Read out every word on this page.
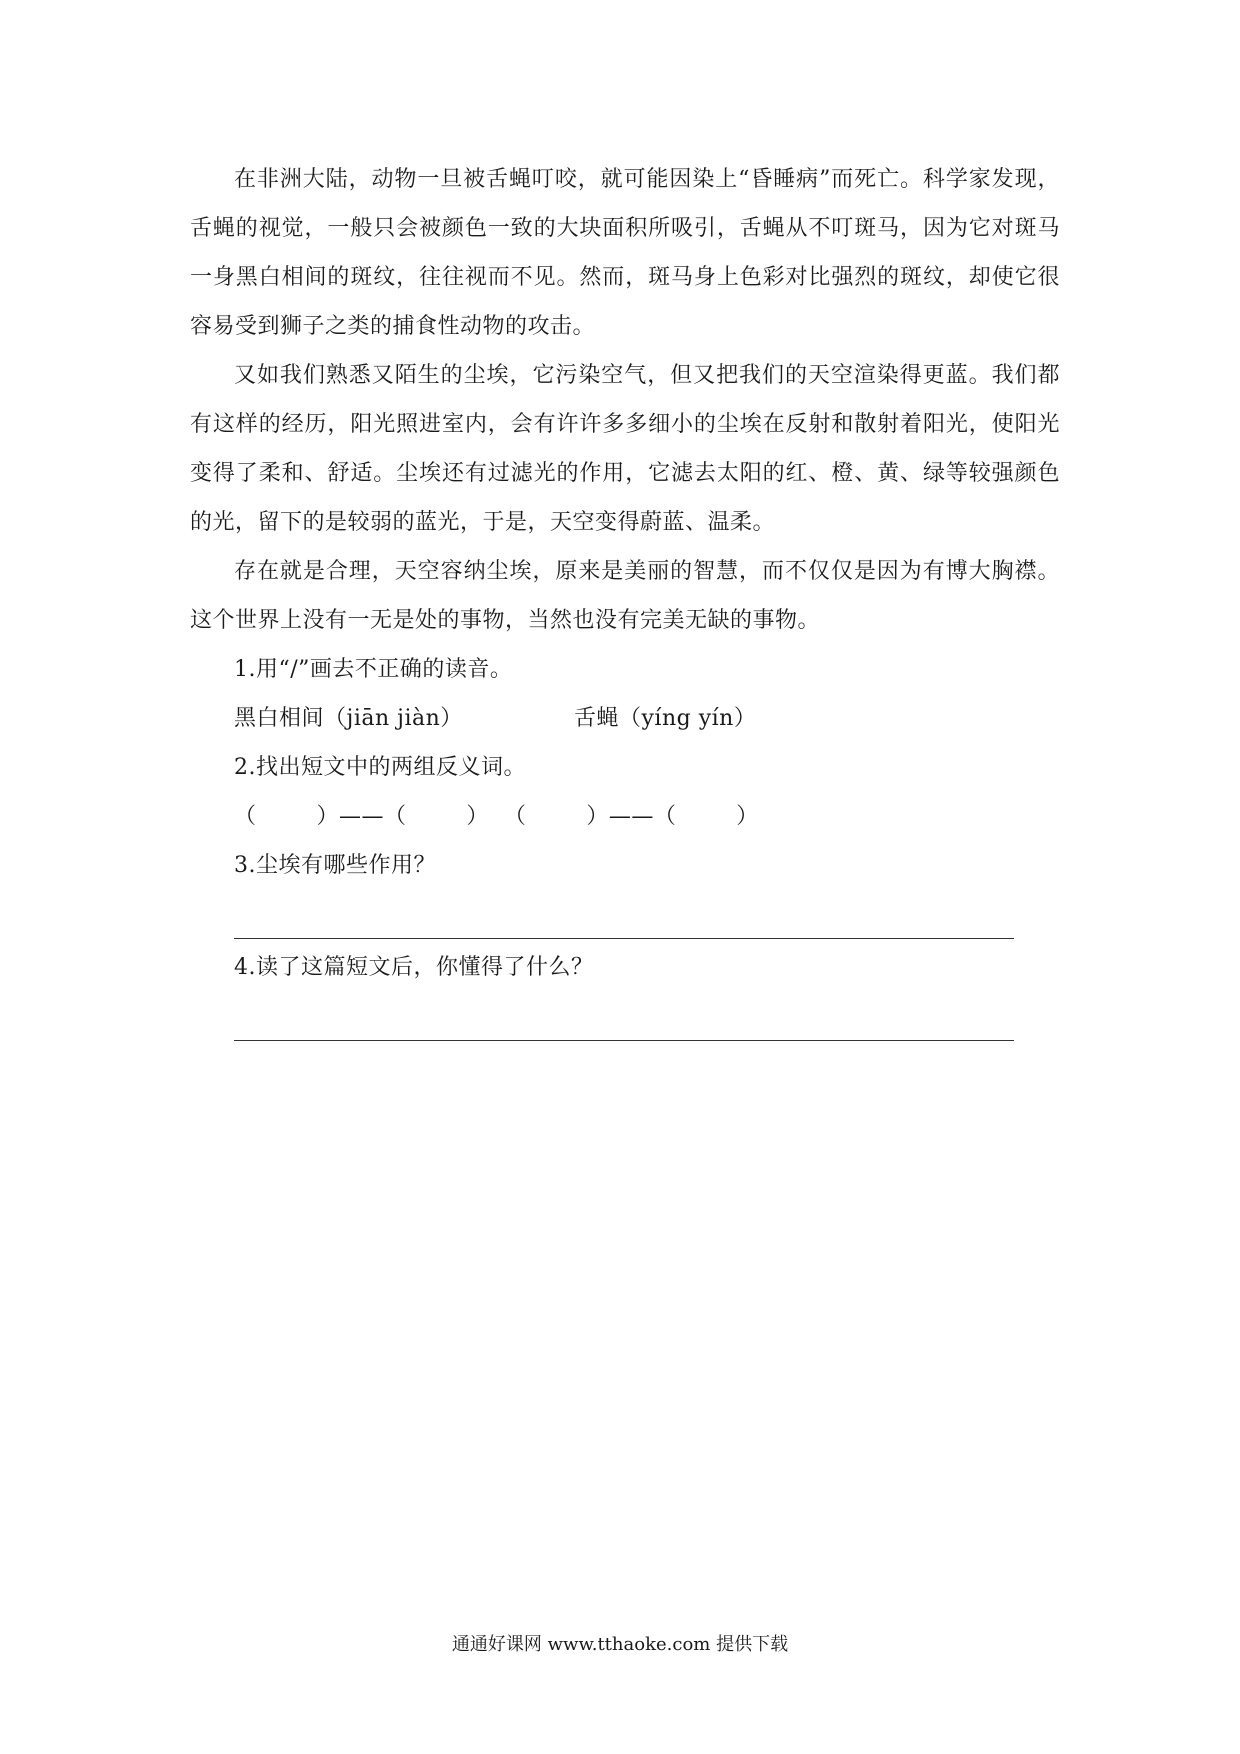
在非洲大陆，动物一旦被舌蝇叮咬，就可能因染上“昏睡病”而死亡。科学家发现，舌蝇的视觉，一般只会被颜色一致的大块面积所吸引，舌蝇从不叮斑马，因为它对斑马一身黑白相间的斑纹，往往视而不见。然而，斑马身上色彩对比强烈的斑纹，却使它很容易受到狮子之类的捕食性动物的攻击。

又如我们熟悉又陌生的尘埃，它污染空气，但又把我们的天空渲染得更蓝。我们都有这样的经历，阳光照进室内，会有许许多多细小的尘埃在反射和散射着阳光，使阳光变得了柔和、舒适。尘埃还有过滤光的作用，它滤去太阳的红、橙、黄、绿等较强颜色的光，留下的是较弱的蓝光，于是，天空变得蔚蓝、温柔。

存在就是合理，天空容纳尘埃，原来是美丽的智慧，而不仅仅是因为有博大胸襟。这个世界上没有一无是处的事物，当然也没有完美无缺的事物。

1.用“/”画去不正确的读音。

黑白相间（jiān jiàn）	舌蝇（yíng yín）

2.找出短文中的两组反义词。

（        ）——（        ）  （        ）——（        ）

3.尘埃有哪些作用？

4.读了这篇短文后，你懂得了什么？

通通好课网 www.tthaoke.com 提供下载
